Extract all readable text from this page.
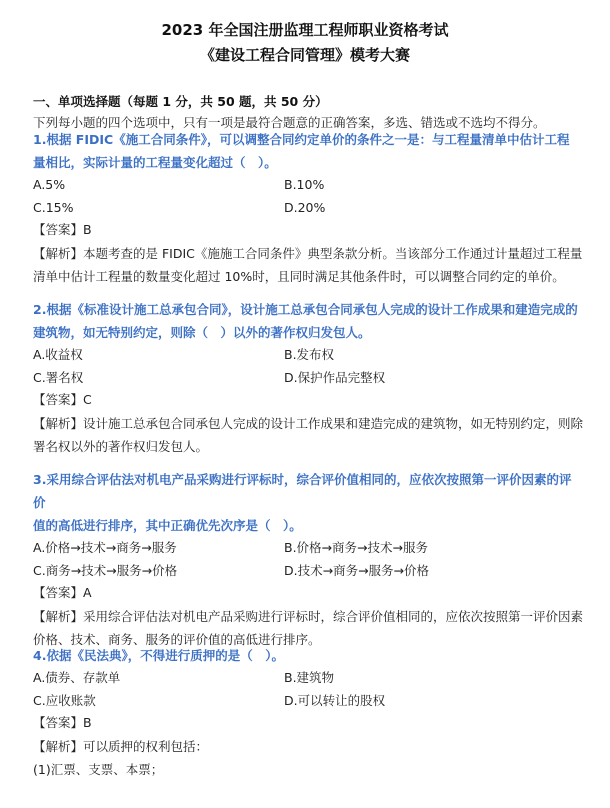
2023 年全国注册监理工程师职业资格考试
《建设工程合同管理》模考大赛
一、单项选择题（每题 1 分，共 50 题，共 50 分）
下列每小题的四个选项中，只有一项是最符合题意的正确答案，多选、错选或不选均不得分。
1.根据 FIDIC《施工合同条件》，可以调整合同约定单价的条件之一是：与工程量清单中估计工程
量相比，实际计量的工程量变化超过（　）。
A.5%	B.10%
C.15%	D.20%
【答案】B
【解析】本题考查的是 FIDIC《施施工合同条件》典型条款分析。当该部分工作通过计量超过工程量
清单中估计工程量的数量变化超过 10%时，且同时满足其他条件时，可以调整合同约定的单价。
2.根据《标准设计施工总承包合同》，设计施工总承包合同承包人完成的设计工作成果和建造完成的
建筑物，如无特别约定，则除（　）以外的著作权归发包人。
A.收益权	B.发布权
C.署名权	D.保护作品完整权
【答案】C
【解析】设计施工总承包合同承包人完成的设计工作成果和建造完成的建筑物，如无特别约定，则除
署名权以外的著作权归发包人。
3.采用综合评估法对机电产品采购进行评标时，综合评价值相同的，应依次按照第一评价因素的评价
值的高低进行排序，其中正确优先次序是（　）。
A.价格→技术→商务→服务	B.价格→商务→技术→服务
C.商务→技术→服务→价格	D.技术→商务→服务→价格
【答案】A
【解析】采用综合评估法对机电产品采购进行评标时，综合评价值相同的，应依次按照第一评价因素
价格、技术、商务、服务的评价值的高低进行排序。
4.依据《民法典》，不得进行质押的是（　）。
A.债券、存款单	B.建筑物
C.应收账款	D.可以转让的股权
【答案】B
【解析】可以质押的权利包括：
(1)汇票、支票、本票；
